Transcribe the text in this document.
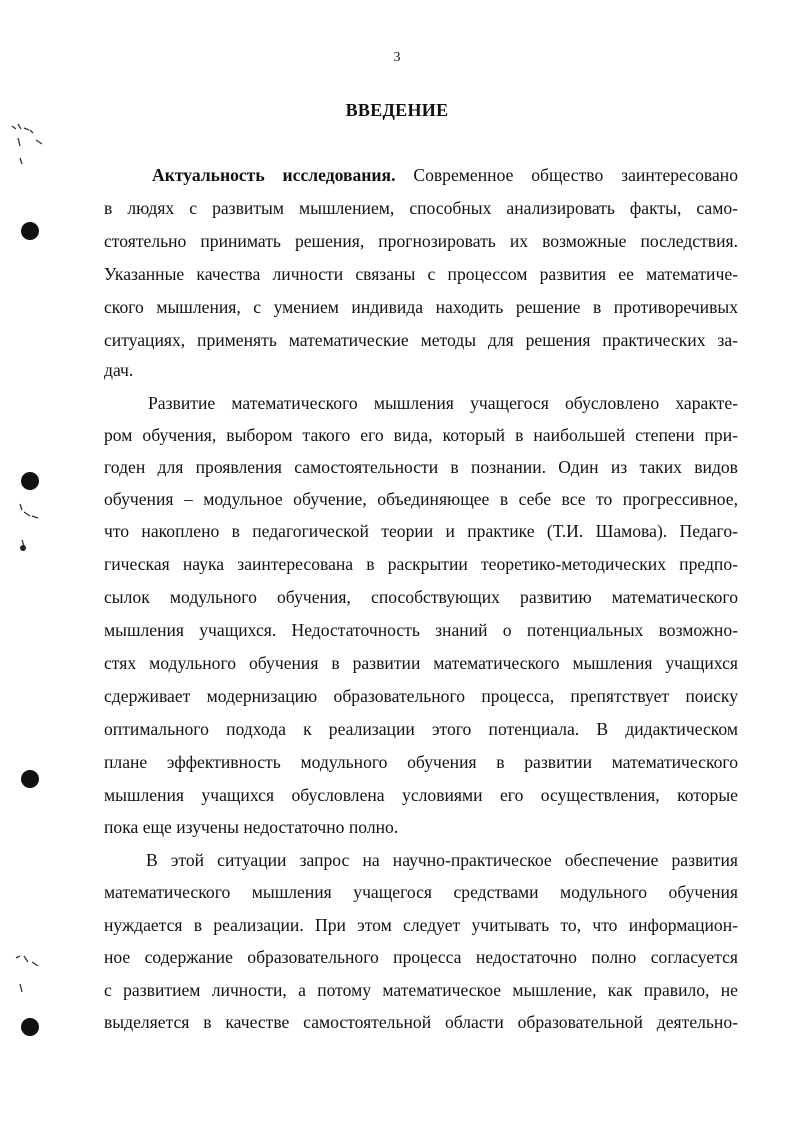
3
ВВЕДЕНИЕ
Актуальность исследования. Современное общество заинтересовано
в людях с развитым мышлением, способных анализировать факты, само-
стоятельно принимать решения, прогнозировать их возможные последствия.
Указанные качества личности связаны с процессом развития ее математиче-
ского мышления, с умением индивида находить решение в противоречивых
ситуациях, применять математические методы для решения практических за-
дач.
Развитие математического мышления учащегося обусловлено характе-
ром обучения, выбором такого его вида, который в наибольшей степени при-
годен для проявления самостоятельности в познании. Один из таких видов
обучения – модульное обучение, объединяющее в себе все то прогрессивное,
что накоплено в педагогической теории и практике (Т.И. Шамова). Педаго-
гическая наука заинтересована в раскрытии теоретико-методических предпо-
сылок модульного обучения, способствующих развитию математического
мышления учащихся. Недостаточность знаний о потенциальных возможно-
стях модульного обучения в развитии математического мышления учащихся
сдерживает модернизацию образовательного процесса, препятствует поиску
оптимального подхода к реализации этого потенциала. В дидактическом
плане эффективность модульного обучения в развитии математического
мышления учащихся обусловлена условиями его осуществления, которые
пока еще изучены недостаточно полно.
В этой ситуации запрос на научно-практическое обеспечение развития
математического мышления учащегося средствами модульного обучения
нуждается в реализации. При этом следует учитывать то, что информацион-
ное содержание образовательного процесса недостаточно полно согласуется
с развитием личности, а потому математическое мышление, как правило, не
выделяется в качестве самостоятельной области образовательной деятельно-
